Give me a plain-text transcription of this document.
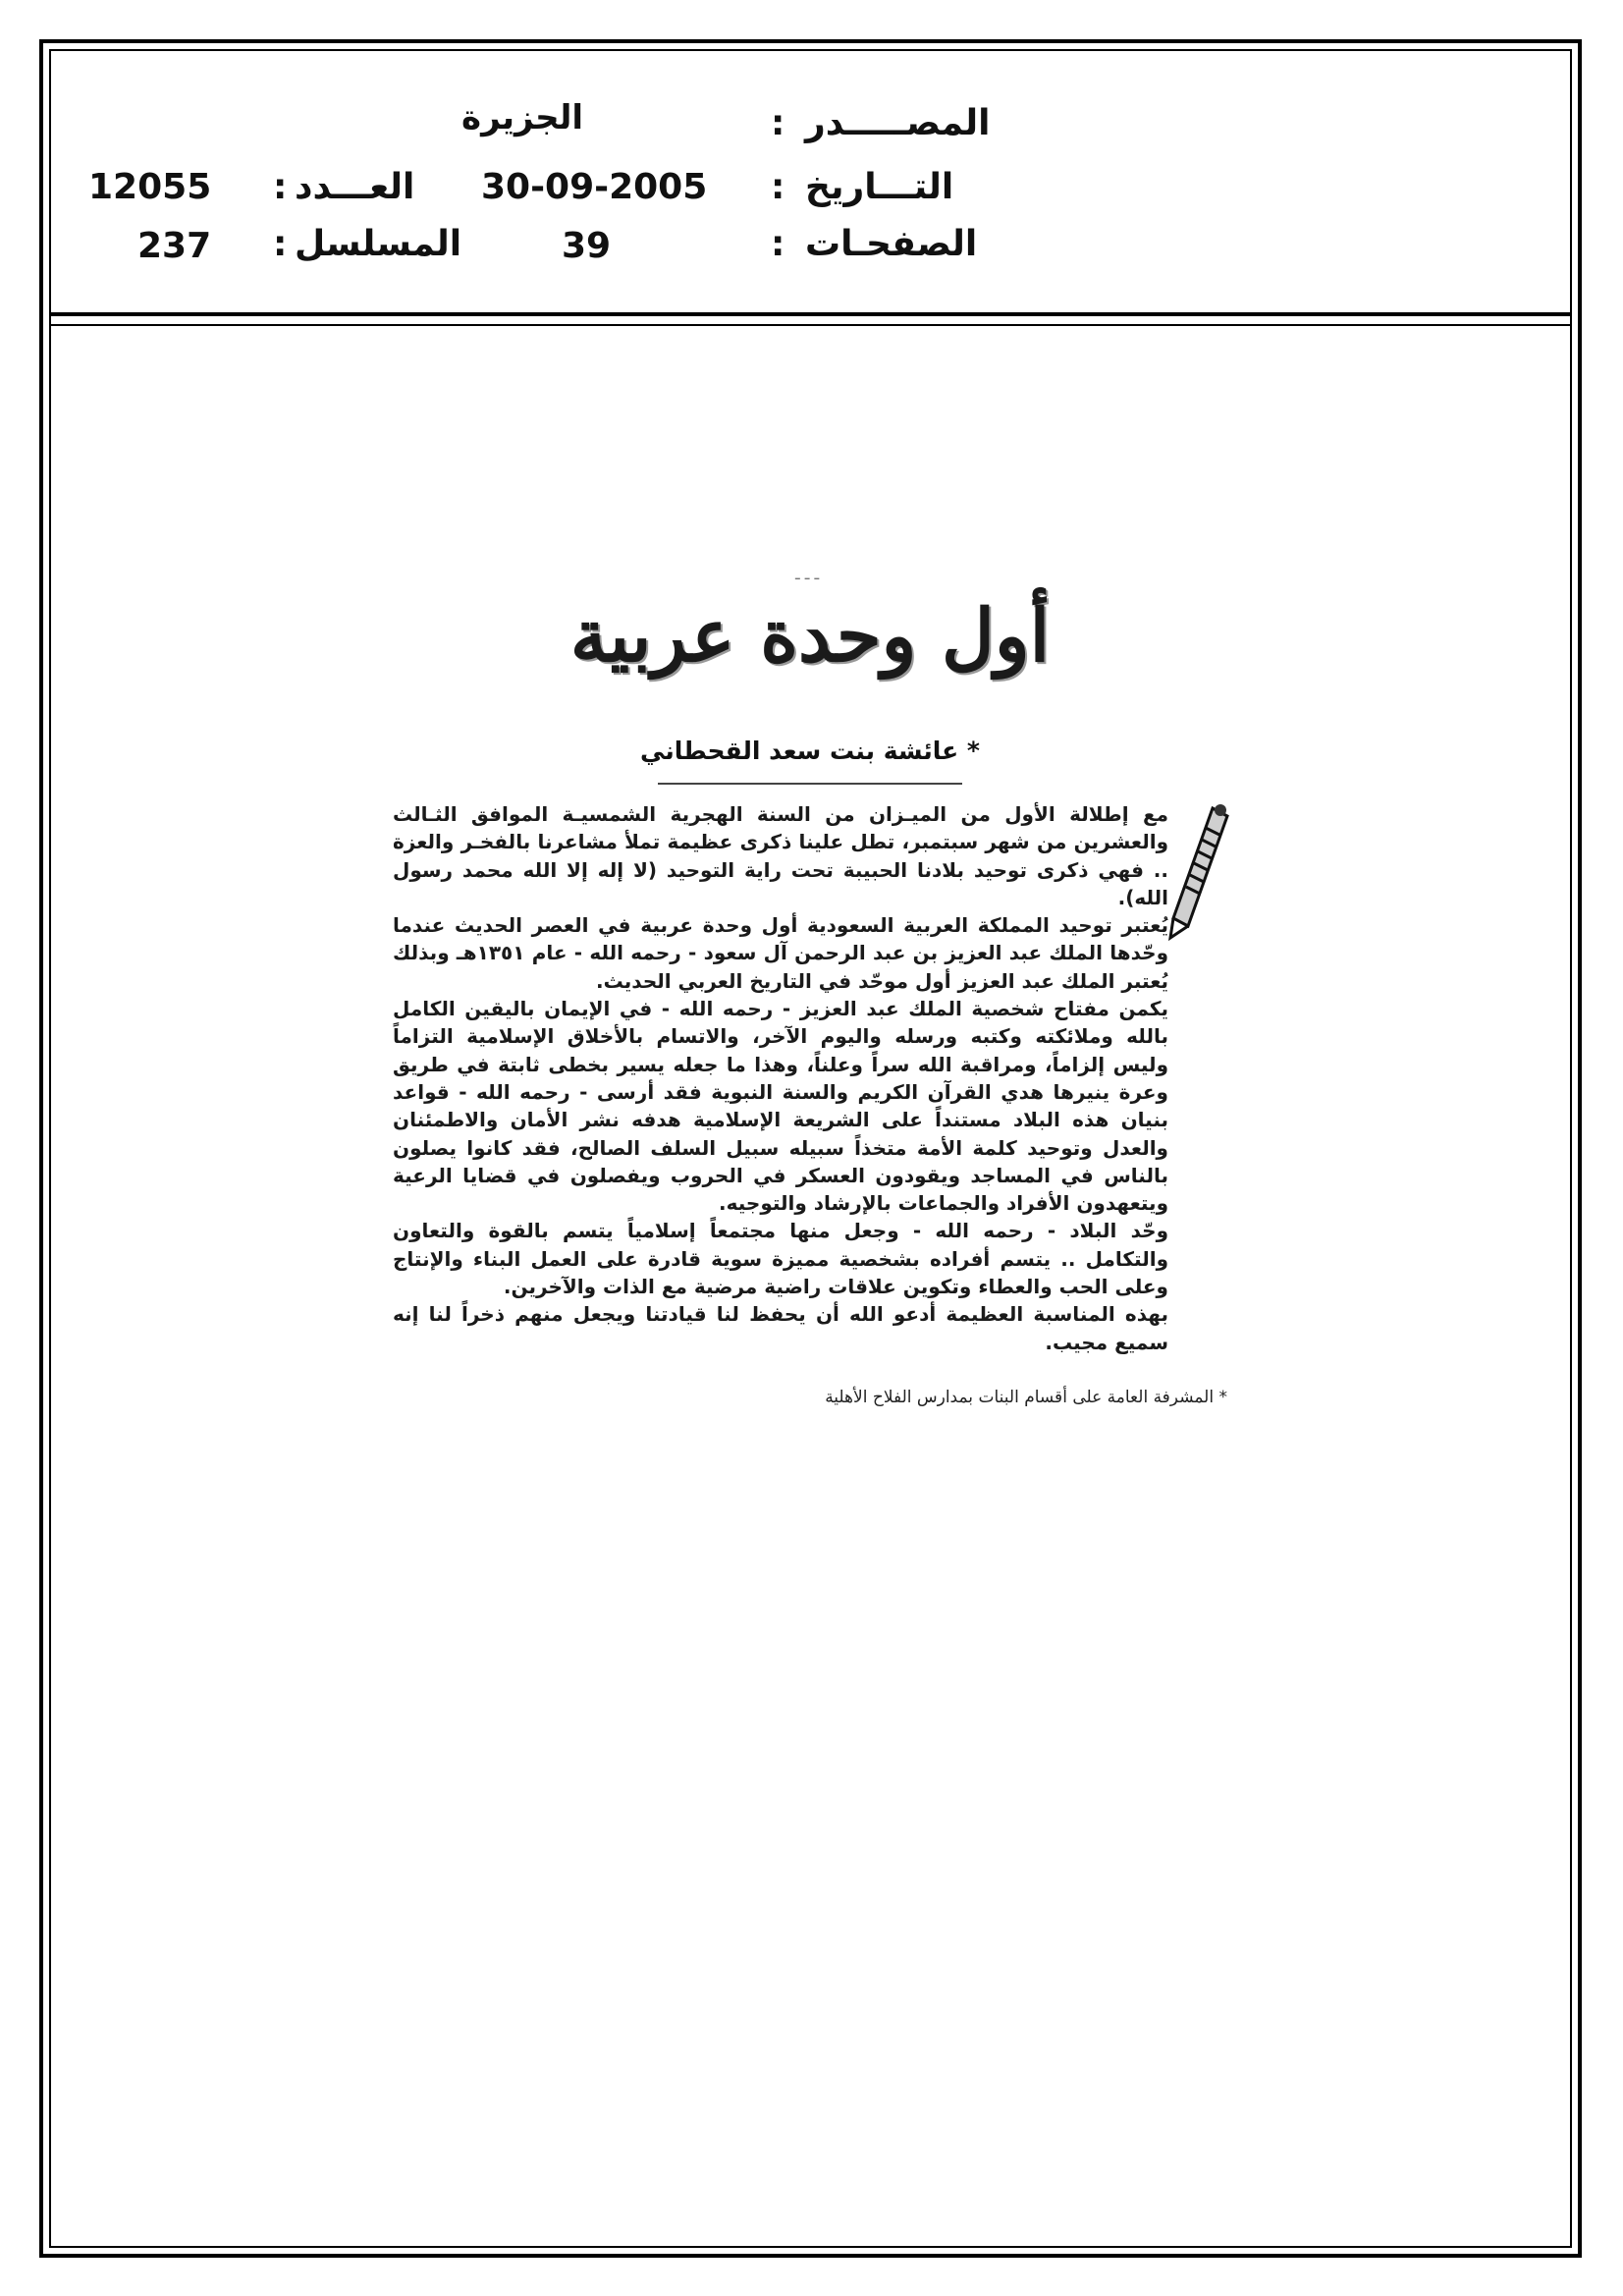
المصـــــدر
:
الجزيرة
التـــاريخ
:
30-09-2005
الصفحـات
:
39
العـــدد
:
12055
المسلسل
:
237
ـ ـ ـ
أول وحدة عربية
عائشة بنت سعد القحطاني *

مع إطلالة الأول من الميـزان من السنة الهجرية الشمسيـة الموافق الثـالث والعشرين من شهر سبتمبر، تطل علينا ذكرى عظيمة تملأ مشاعرنا بالفخـر والعزة .. فهي ذكرى توحيد بلادنا الحبيبة تحت راية التوحيد (لا إله إلا الله محمد رسول الله).

يُعتبر توحيد المملكة العربية السعودية أول وحدة عربية في العصر الحديث عندما وحّدها الملك عبد العزيز بن عبد الرحمن آل سعود - رحمه الله - عام ١٣٥١هـ وبذلك يُعتبر الملك عبد العزيز أول موحّد في التاريخ العربي الحديث.

يكمن مفتاح شخصية الملك عبد العزيز - رحمه الله - في الإيمان باليقين الكامل بالله وملائكته وكتبه ورسله واليوم الآخر، والاتسام بالأخلاق الإسلامية التزاماً وليس إلزاماً، ومراقبة الله سراً وعلناً، وهذا ما جعله يسير بخطى ثابتة في طريق وعرة ينيرها هدي القرآن الكريم والسنة النبوية فقد أرسى - رحمه الله - قواعد بنيان هذه البلاد مستنداً على الشريعة الإسلامية هدفه نشر الأمان والاطمئنان والعدل وتوحيد كلمة الأمة متخذاً سبيله سبيل السلف الصالح، فقد كانوا يصلون بالناس في المساجد ويقودون العسكر في الحروب ويفصلون في قضايا الرعية ويتعهدون الأفراد والجماعات بالإرشاد والتوجيه.

وحّد البلاد - رحمه الله - وجعل منها مجتمعاً إسلامياً يتسم بالقوة والتعاون والتكامل .. يتسم أفراده بشخصية مميزة سوية قادرة على العمل البناء والإنتاج وعلى الحب والعطاء وتكوين علاقات راضية مرضية مع الذات والآخرين.

بهذه المناسبة العظيمة أدعو الله أن يحفظ لنا قيادتنا ويجعل منهم ذخراً لنا إنه سميع مجيب.

* المشرفة العامة على أقسام البنات بمدارس الفلاح الأهلية
